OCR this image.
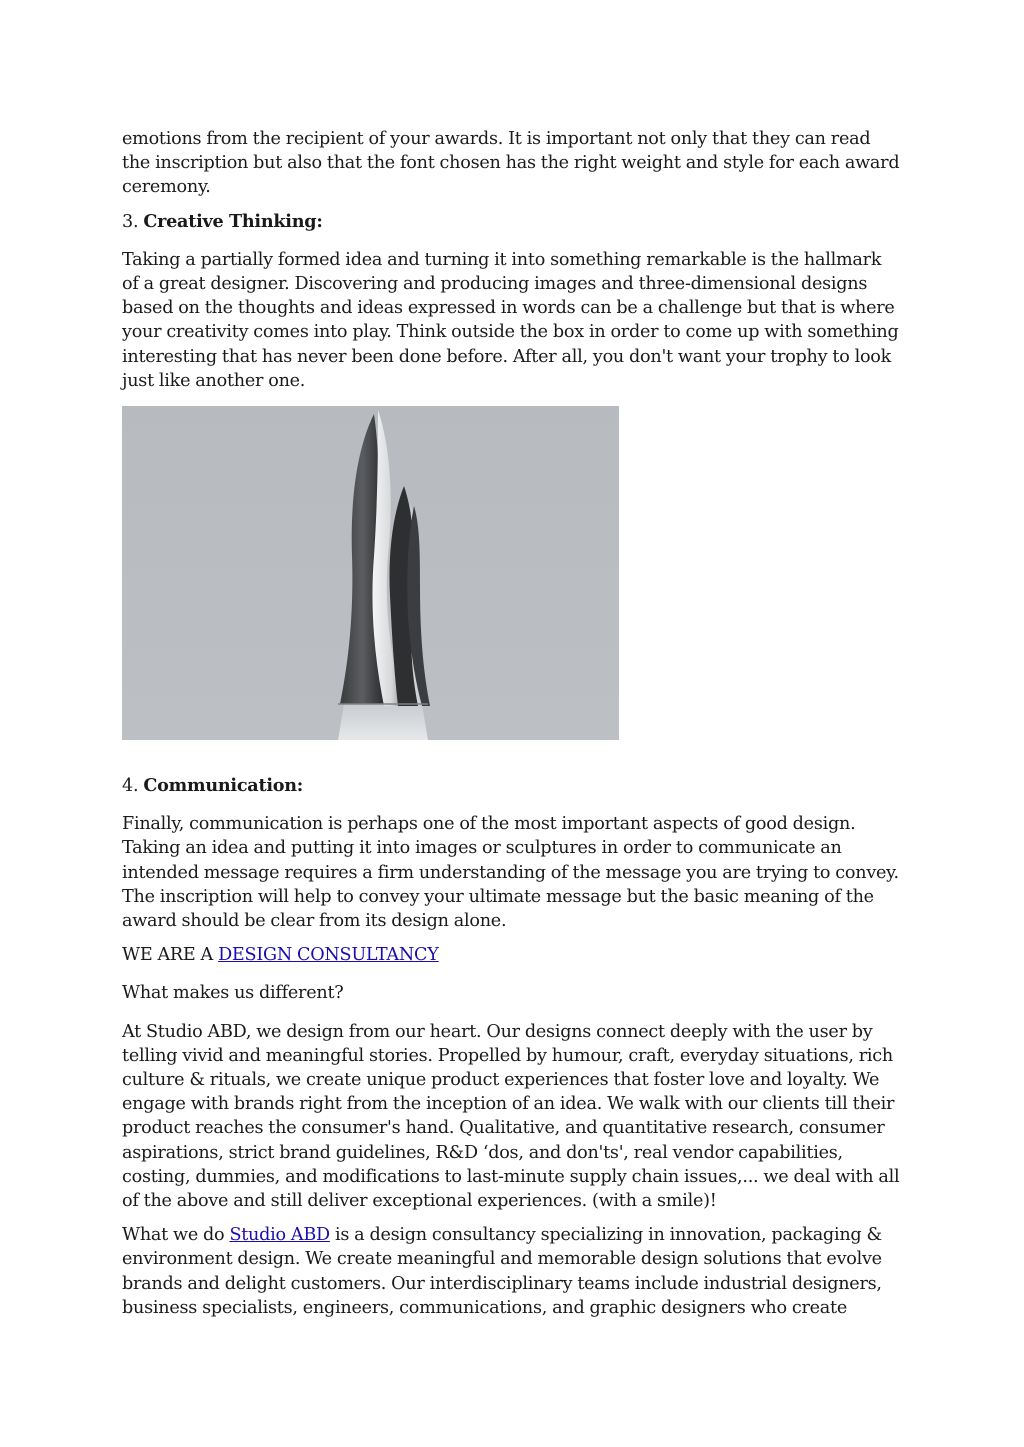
emotions from the recipient of your awards. It is important not only that they can read the inscription but also that the font chosen has the right weight and style for each award ceremony.

3. Creative Thinking:

Taking a partially formed idea and turning it into something remarkable is the hallmark of a great designer. Discovering and producing images and three-dimensional designs based on the thoughts and ideas expressed in words can be a challenge but that is where your creativity comes into play. Think outside the box in order to come up with something interesting that has never been done before. After all, you don't want your trophy to look just like another one.

4. Communication:

Finally, communication is perhaps one of the most important aspects of good design. Taking an idea and putting it into images or sculptures in order to communicate an intended message requires a firm understanding of the message you are trying to convey. The inscription will help to convey your ultimate message but the basic meaning of the award should be clear from its design alone.

WE ARE A DESIGN CONSULTANCY

What makes us different?

At Studio ABD, we design from our heart. Our designs connect deeply with the user by telling vivid and meaningful stories. Propelled by humour, craft, everyday situations, rich culture & rituals, we create unique product experiences that foster love and loyalty. We engage with brands right from the inception of an idea. We walk with our clients till their product reaches the consumer's hand. Qualitative, and quantitative research, consumer aspirations, strict brand guidelines, R&D ‘dos, and don'ts', real vendor capabilities, costing, dummies, and modifications to last-minute supply chain issues,... we deal with all of the above and still deliver exceptional experiences. (with a smile)!

What we do Studio ABD is a design consultancy specializing in innovation, packaging & environment design. We create meaningful and memorable design solutions that evolve brands and delight customers. Our interdisciplinary teams include industrial designers, business specialists, engineers, communications, and graphic designers who create
